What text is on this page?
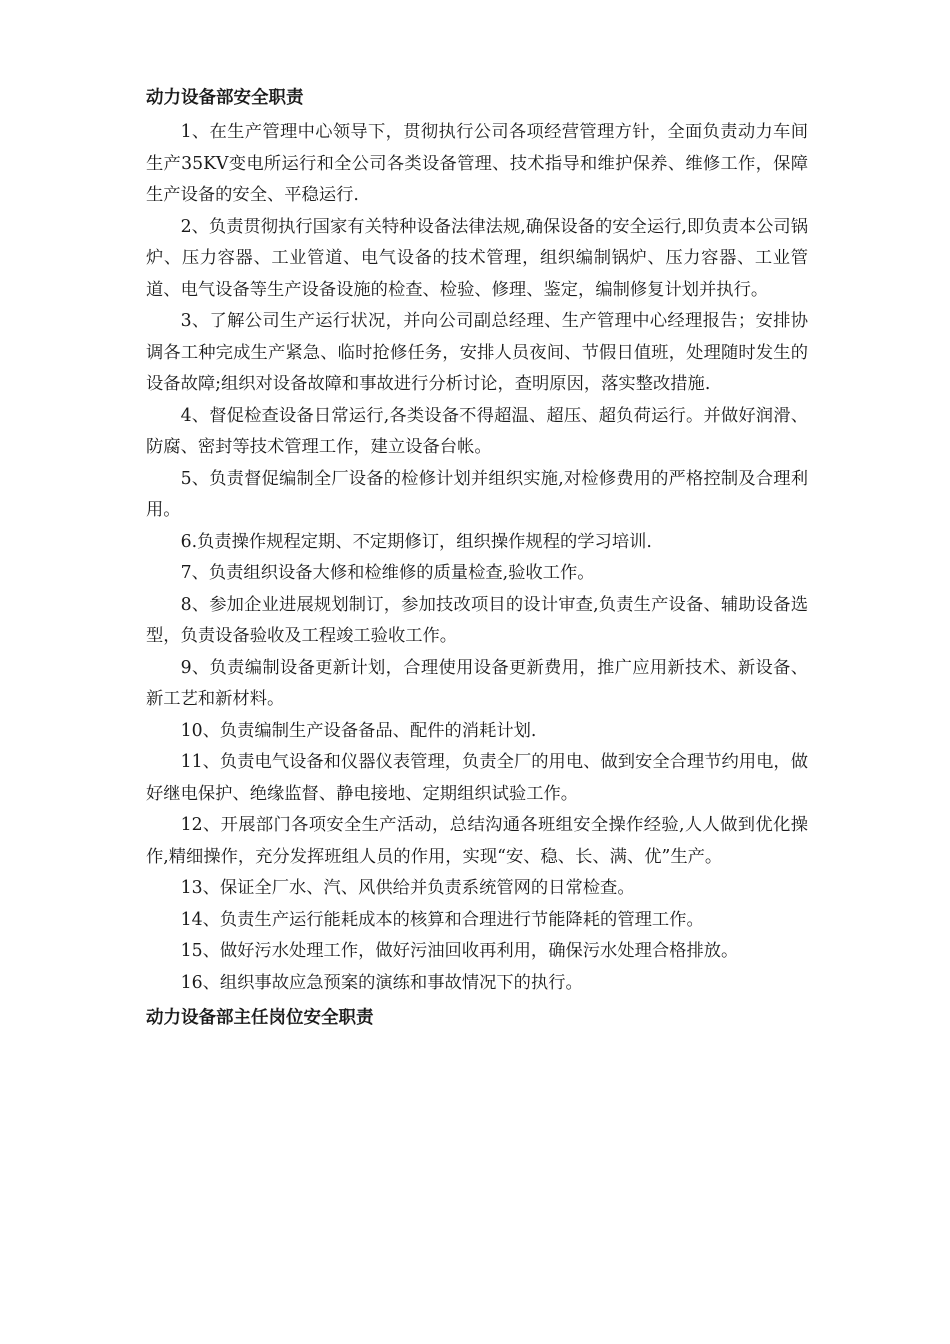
动力设备部安全职责

1、在生产管理中心领导下，贯彻执行公司各项经营管理方针，全面负责动力车间生产35KV变电所运行和全公司各类设备管理、技术指导和维护保养、维修工作，保障生产设备的安全、平稳运行.

2、负责贯彻执行国家有关特种设备法律法规,确保设备的安全运行,即负责本公司锅炉、压力容器、工业管道、电气设备的技术管理，组织编制锅炉、压力容器、工业管道、电气设备等生产设备设施的检查、检验、修理、鉴定，编制修复计划并执行。

3、了解公司生产运行状况，并向公司副总经理、生产管理中心经理报告；安排协调各工种完成生产紧急、临时抢修任务，安排人员夜间、节假日值班，处理随时发生的设备故障;组织对设备故障和事故进行分析讨论，查明原因，落实整改措施.

4、督促检查设备日常运行,各类设备不得超温、超压、超负荷运行。并做好润滑、防腐、密封等技术管理工作，建立设备台帐。

5、负责督促编制全厂设备的检修计划并组织实施,对检修费用的严格控制及合理利用。

6.负责操作规程定期、不定期修订，组织操作规程的学习培训.

7、负责组织设备大修和检维修的质量检查,验收工作。

8、参加企业进展规划制订，参加技改项目的设计审查,负责生产设备、辅助设备选型，负责设备验收及工程竣工验收工作。

9、负责编制设备更新计划，合理使用设备更新费用，推广应用新技术、新设备、新工艺和新材料。

10、负责编制生产设备备品、配件的消耗计划.

11、负责电气设备和仪器仪表管理，负责全厂的用电、做到安全合理节约用电，做好继电保护、绝缘监督、静电接地、定期组织试验工作。

12、开展部门各项安全生产活动，总结沟通各班组安全操作经验,人人做到优化操作,精细操作，充分发挥班组人员的作用，实现“安、稳、长、满、优”生产。

13、保证全厂水、汽、风供给并负责系统管网的日常检查。

14、负责生产运行能耗成本的核算和合理进行节能降耗的管理工作。

15、做好污水处理工作，做好污油回收再利用，确保污水处理合格排放。

16、组织事故应急预案的演练和事故情况下的执行。

动力设备部主任岗位安全职责
